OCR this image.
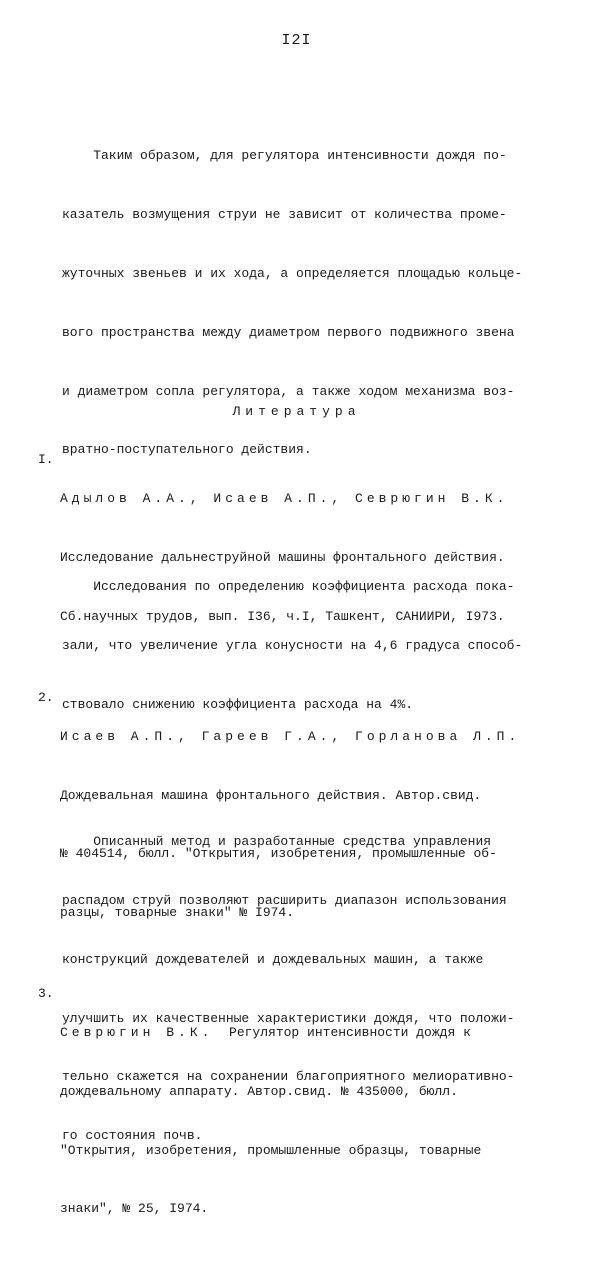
I2I

Таким образом, для регулятора интенсивности дождя по-

казатель возмущения струи не зависит от количества проме-

жуточных звеньев и их хода, а определяется площадью кольце-

вого пространства между диаметром первого подвижного звена

и диаметром сопла регулятора, а также ходом механизма воз-

вратно-поступательного действия.

Исследования по определению коэффициента расхода пока-

зали, что увеличение угла конусности на 4,6 градуса способ-

ствовало снижению коэффициента расхода на 4%.

Описанный метод и разработанные средства управления

распадом струй позволяют расширить диапазон использования

конструкций дождевателей и дождевальных машин, а также

улучшить их качественные характеристики дождя, что положи-

тельно скажется на сохранении благоприятного мелиоративно-

го состояния почв.

Литература
I.

Адылов А.А., Исаев А.П., Севрюгин В.К.

Исследование дальнеструйной машины фронтального действия.

Сб.научных трудов, вып. I36, ч.I, Ташкент, САНИИРИ, I973.

2.

Исаев А.П., Гареев Г.А., Горланова Л.П.

Дождевальная машина фронтального действия. Автор.свид.

№ 404514, бюлл. "Открытия, изобретения, промышленные об-

разцы, товарные знаки" № I974.

3.

Севрюгин В.К.  Регулятор интенсивности дождя к

дождевальному аппарату. Автор.свид. № 435000, бюлл.

"Открытия, изобретения, промышленные образцы, товарные

знаки", № 25, I974.
